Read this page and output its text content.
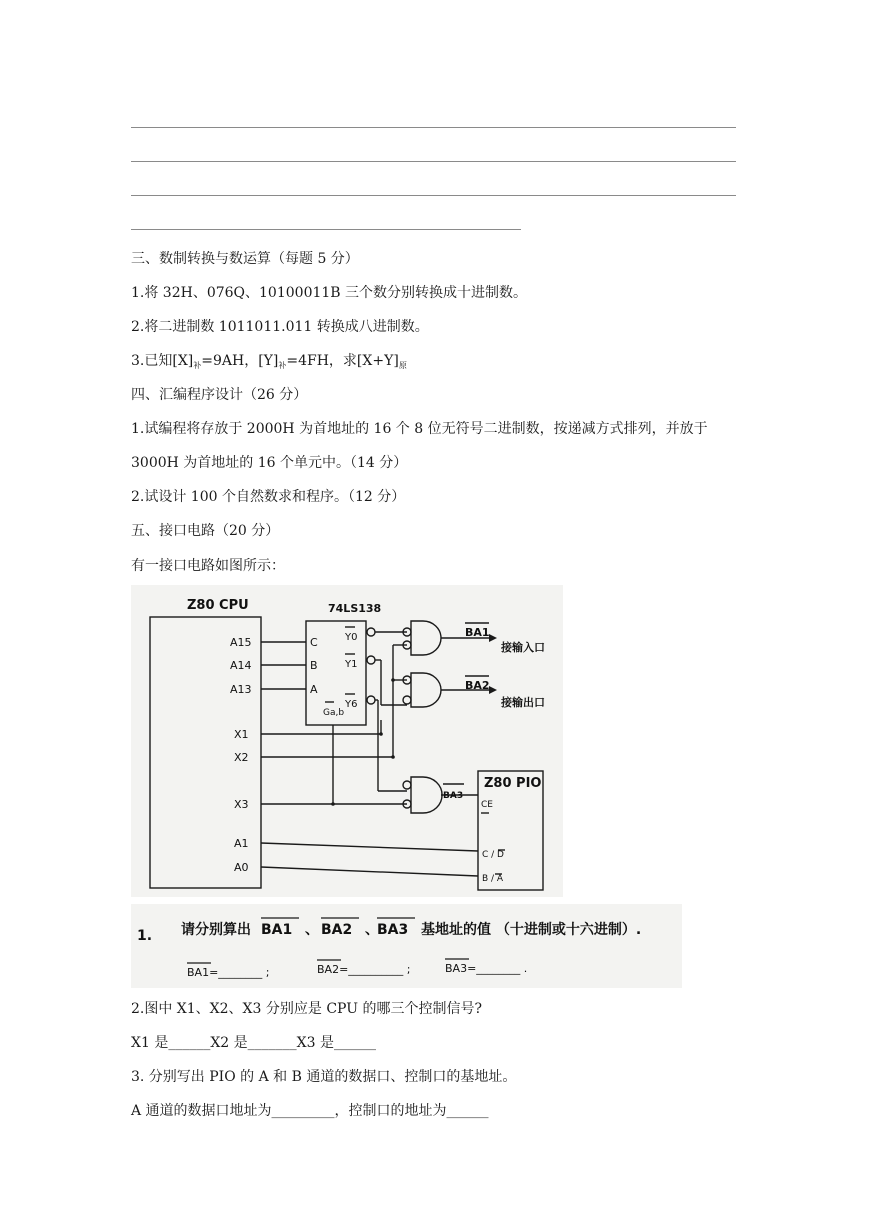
三、数制转换与数运算（每题 5 分）
1.将 32H、076Q、10100011B 三个数分别转换成十进制数。
2.将二进制数 1011011.011 转换成八进制数。
3.已知$[X]_补=9AH$，$[Y]_补=4FH$，求$[X+Y]_原$
四、汇编程序设计（26 分）
1.试编程将存放于 2000H 为首地址的 16 个 8 位无符号二进制数，按递减方式排列，并放于
3000H 为首地址的 16 个单元中。（14 分）
2.试设计 100 个自然数求和程序。（12 分）
五、接口电路（20 分）
有一接口电路如图所示：
Z80 CPU	74LS138
Z80 PIO
A15
A14
A13
X1
X2
X3
A1
A0
C
B
A
Y0
Y1
Y6
Ga,b
BA1
BA2
BA3
接输入口
接输出口
CE
C / D
B / A
1. 请分别算出 BA1 、 BA2 、
BA3 基地址的值 （十进制或十六进制）.
BA1=________ ;	BA2=__________ ;	BA3=________ .
2.图中 X1、X2、X3 分别应是 CPU 的哪三个控制信号?
X1 是______X2 是_______X3 是______
3. 分别写出 PIO 的 A 和 B 通道的数据口、控制口的基地址。
A 通道的数据口地址为_________，控制口的地址为______
